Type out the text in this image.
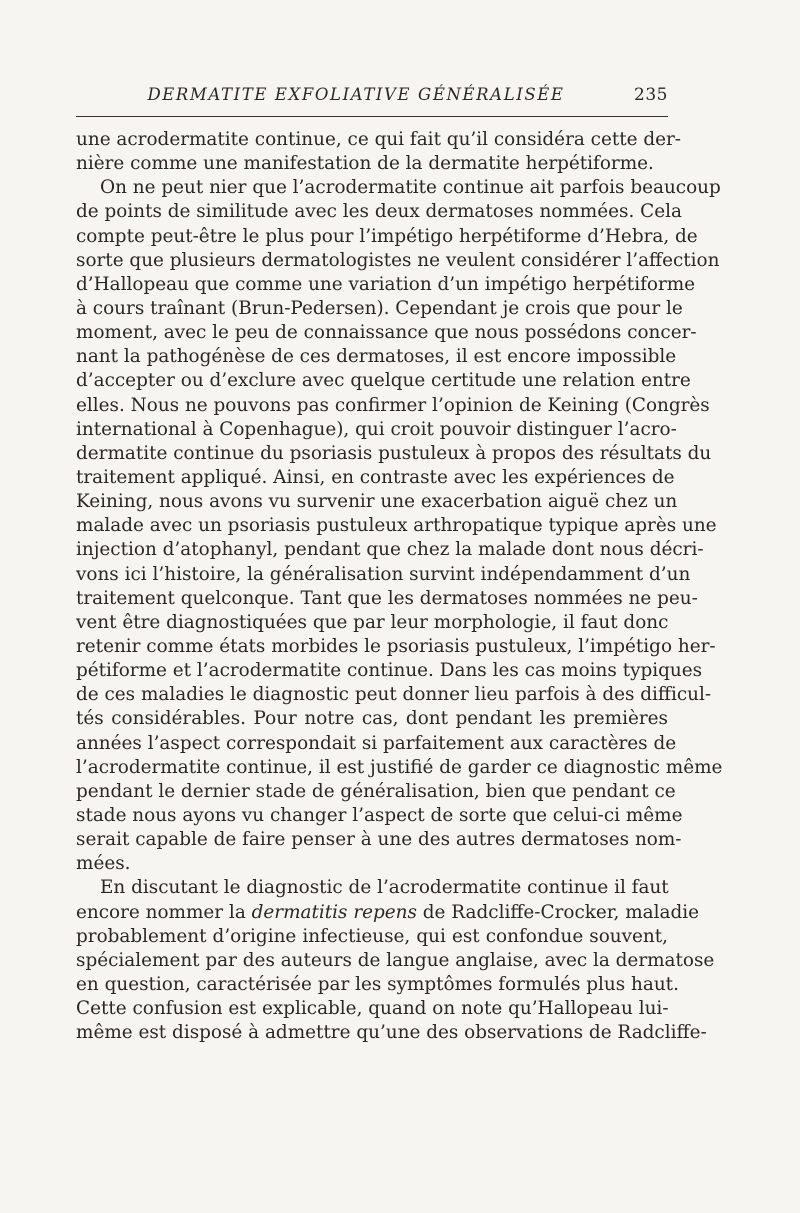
DERMATITE EXFOLIATIVE GÉNÉRALISÉE	235
une acrodermatite continue, ce qui fait qu’il considéra cette der-
nière comme une manifestation de la dermatite herpétiforme.
On ne peut nier que l’acrodermatite continue ait parfois beaucoup
de points de similitude avec les deux dermatoses nommées. Cela
compte peut-être le plus pour l’impétigo herpétiforme d’Hebra, de
sorte que plusieurs dermatologistes ne veulent considérer l’affection
d’Hallopeau que comme une variation d’un impétigo herpétiforme
à cours traînant (Brun-Pedersen). Cependant je crois que pour le
moment, avec le peu de connaissance que nous possédons concer-
nant la pathogénèse de ces dermatoses, il est encore impossible
d’accepter ou d’exclure avec quelque certitude une relation entre
elles. Nous ne pouvons pas confirmer l’opinion de Keining (Congrès
international à Copenhague), qui croit pouvoir distinguer l’acro-
dermatite continue du psoriasis pustuleux à propos des résultats du
traitement appliqué. Ainsi, en contraste avec les expériences de
Keining, nous avons vu survenir une exacerbation aiguë chez un
malade avec un psoriasis pustuleux arthropatique typique après une
injection d’atophanyl, pendant que chez la malade dont nous décri-
vons ici l’histoire, la généralisation survint indépendamment d’un
traitement quelconque. Tant que les dermatoses nommées ne peu-
vent être diagnostiquées que par leur morphologie, il faut donc
retenir comme états morbides le psoriasis pustuleux, l’impétigo her-
pétiforme et l’acrodermatite continue. Dans les cas moins typiques
de ces maladies le diagnostic peut donner lieu parfois à des difficul-
tés considérables. Pour notre cas, dont pendant les premières
années l’aspect correspondait si parfaitement aux caractères de
l’acrodermatite continue, il est justifié de garder ce diagnostic même
pendant le dernier stade de généralisation, bien que pendant ce
stade nous ayons vu changer l’aspect de sorte que celui-ci même
serait capable de faire penser à une des autres dermatoses nom-
mées.
En discutant le diagnostic de l’acrodermatite continue il faut
encore nommer la dermatitis repens de Radcliffe-Crocker, maladie
probablement d’origine infectieuse, qui est confondue souvent,
spécialement par des auteurs de langue anglaise, avec la dermatose
en question, caractérisée par les symptômes formulés plus haut.
Cette confusion est explicable, quand on note qu’Hallopeau lui-
même est disposé à admettre qu’une des observations de Radcliffe-
